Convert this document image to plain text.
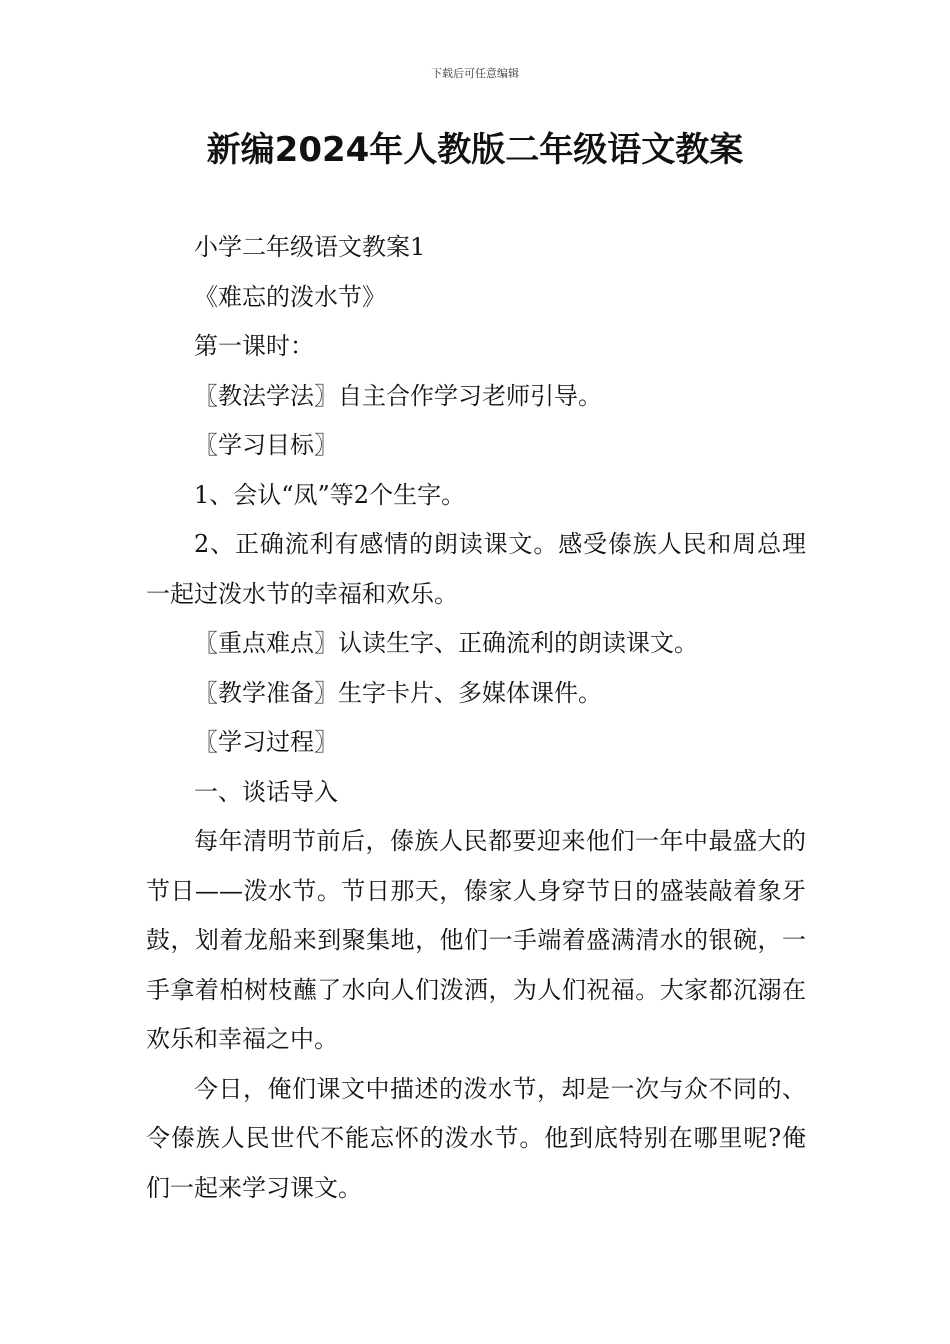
下载后可任意编辑
新编2024年人教版二年级语文教案

小学二年级语文教案1

《难忘的泼水节》

第一课时：

〖教法学法〗自主合作学习老师引导。

〖学习目标〗

1、会认“凤”等2个生字。

2、正确流利有感情的朗读课文。感受傣族人民和周总理一起过泼水节的幸福和欢乐。

〖重点难点〗认读生字、正确流利的朗读课文。

〖教学准备〗生字卡片、多媒体课件。

〖学习过程〗

一、谈话导入

每年清明节前后，傣族人民都要迎来他们一年中最盛大的节日——泼水节。节日那天，傣家人身穿节日的盛装敲着象牙鼓，划着龙船来到聚集地，他们一手端着盛满清水的银碗，一手拿着柏树枝蘸了水向人们泼洒，为人们祝福。大家都沉溺在欢乐和幸福之中。

今日，俺们课文中描述的泼水节，却是一次与众不同的、令傣族人民世代不能忘怀的泼水节。他到底特别在哪里呢?俺们一起来学习课文。
